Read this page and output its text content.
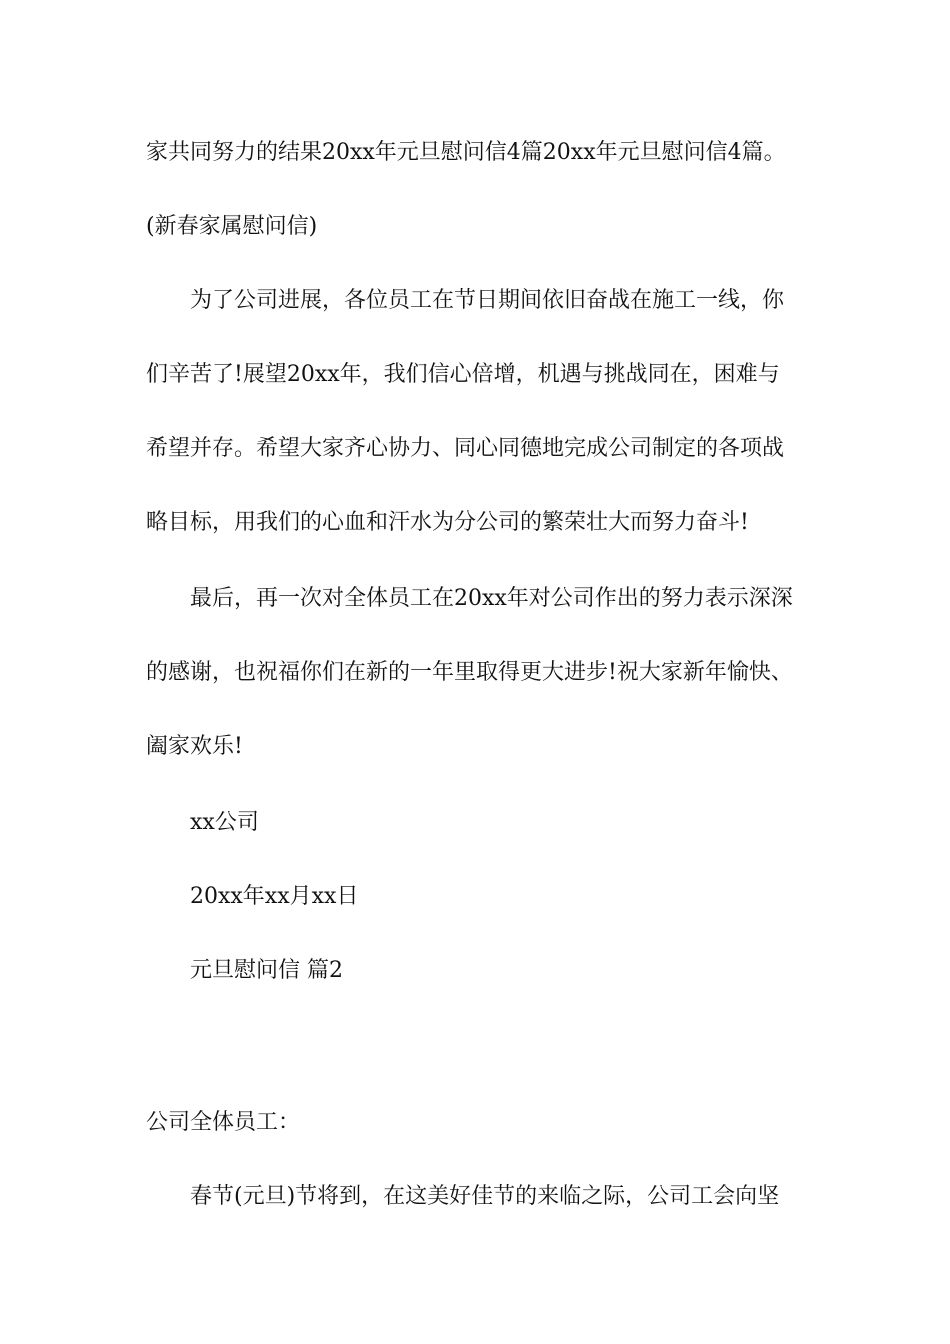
家共同努力的结果20xx年元旦慰问信4篇20xx年元旦慰问信4篇。
(新春家属慰问信)
为了公司进展，各位员工在节日期间依旧奋战在施工一线，你
们辛苦了!展望20xx年，我们信心倍增，机遇与挑战同在，困难与
希望并存。希望大家齐心协力、同心同德地完成公司制定的各项战
略目标，用我们的心血和汗水为分公司的繁荣壮大而努力奋斗!
最后，再一次对全体员工在20xx年对公司作出的努力表示深深
的感谢，也祝福你们在新的一年里取得更大进步!祝大家新年愉快、
阖家欢乐!
xx公司
20xx年xx月xx日
元旦慰问信 篇2
公司全体员工：
春节(元旦)节将到，在这美好佳节的来临之际，公司工会向坚
